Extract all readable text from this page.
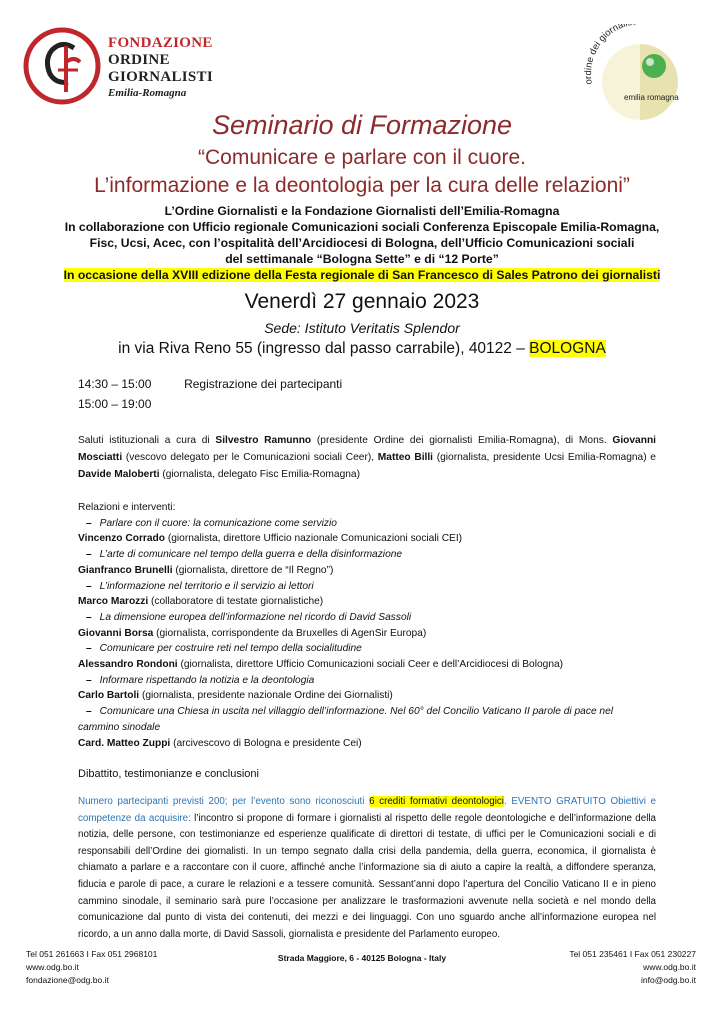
FONDAZIONE
ORDINE
GIORNALISTI
Emilia-Romagna
ordine dei giornal
emilia romagna
Seminario di Formazione
“Comunicare e parlare con il cuore.
L’informazione e la deontologia per la cura delle relazioni”
L’Ordine Giornalisti e la Fondazione Giornalisti dell’Emilia-Romagna
In collaborazione con Ufficio regionale Comunicazioni sociali Conferenza Episcopale Emilia-Romagna,
Fisc, Ucsi, Acec, con l’ospitalità dell’Arcidiocesi di Bologna, dell’Ufficio Comunicazioni sociali
del settimanale “Bologna Sette” e di “12 Porte”
In occasione della XVIII edizione della Festa regionale di San Francesco di Sales Patrono dei giornalisti
Venerdì 27 gennaio 2023
Sede: Istituto Veritatis Splendor
in via Riva Reno 55 (ingresso dal passo carrabile), 40122 – BOLOGNA
14:30 – 15:00	Registrazione dei partecipanti
15:00 – 19:00
Saluti istituzionali a cura di Silvestro Ramunno (presidente Ordine dei giornalisti Emilia-Romagna), di Mons. Giovanni Mosciatti (vescovo delegato per le Comunicazioni sociali Ceer), Matteo Billi (giornalista, presidente Ucsi Emilia-Romagna) e Davide Maloberti (giornalista, delegato Fisc Emilia-Romagna)
Relazioni e interventi:
– Parlare con il cuore: la comunicazione come servizio
Vincenzo Corrado (giornalista, direttore Ufficio nazionale Comunicazioni sociali CEI)
– L’arte di comunicare nel tempo della guerra e della disinformazione
Gianfranco Brunelli (giornalista, direttore de “Il Regno”)
– L’informazione nel territorio e il servizio ai lettori
Marco Marozzi (collaboratore di testate giornalistiche)
– La dimensione europea dell’informazione nel ricordo di David Sassoli
Giovanni Borsa (giornalista, corrispondente da Bruxelles di AgenSir Europa)
– Comunicare per costruire reti nel tempo della socialitudine
Alessandro Rondoni (giornalista, direttore Ufficio Comunicazioni sociali Ceer e dell’Arcidiocesi di Bologna)
– Informare rispettando la notizia e la deontologia
Carlo Bartoli (giornalista, presidente nazionale Ordine dei Giornalisti)
– Comunicare una Chiesa in uscita nel villaggio dell’informazione. Nel 60° del Concilio Vaticano II parole di pace nel cammino sinodale
Card. Matteo Zuppi (arcivescovo di Bologna e presidente Cei)
Dibattito, testimonianze e conclusioni
Numero partecipanti previsti 200; per l’evento sono riconosciuti 6 crediti formativi deontologici. EVENTO GRATUITO Obiettivi e competenze da acquisire: l’incontro si propone di formare i giornalisti al rispetto delle regole deontologiche e dell’informazione della notizia, delle persone, con testimonianze ed esperienze qualificate di direttori di testate, di uffici per le Comunicazioni sociali e di responsabili dell’Ordine dei giornalisti. In un tempo segnato dalla crisi della pandemia, della guerra, economica, il giornalista è chiamato a parlare e a raccontare con il cuore, affinché anche l’informazione sia di aiuto a capire la realtà, a diffondere speranza, fiducia e parole di pace, a curare le relazioni e a tessere comunità. Sessant’anni dopo l’apertura del Concilio Vaticano II e in pieno cammino sinodale, il seminario sarà pure l’occasione per analizzare le trasformazioni avvenute nella società e nel mondo della comunicazione dal punto di vista dei contenuti, dei mezzi e dei linguaggi. Con uno sguardo anche all’informazione europea nel ricordo, a un anno dalla morte, di David Sassoli, giornalista e presidente del Parlamento europeo.
Tel 051 261663 I Fax 051 2968101
www.odg.bo.it
fondazione@odg.bo.it
Strada Maggiore, 6 - 40125 Bologna - Italy	Tel 051 235461 I Fax 051 230227
www.odg.bo.it
info@odg.bo.it
